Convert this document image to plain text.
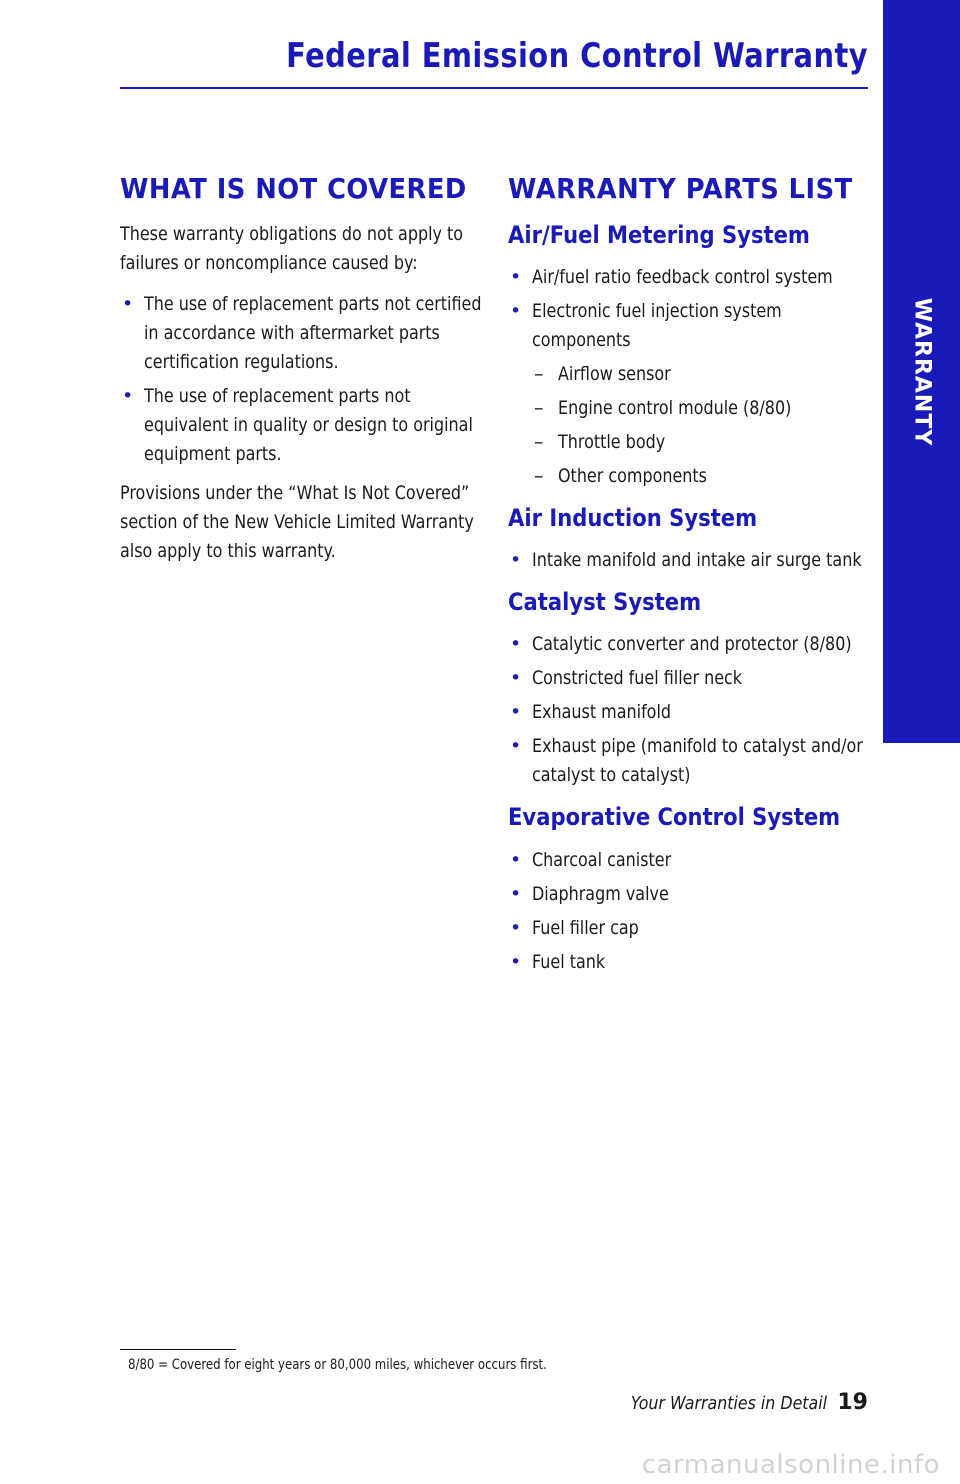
Federal Emission Control Warranty
WARRANTY
WHAT IS NOT COVERED

These warranty obligations do not apply to failures or noncompliance caused by:

• The use of replacement parts not certified in accordance with aftermarket parts certification regulations.
• The use of replacement parts not equivalent in quality or design to original equipment parts.

Provisions under the “What Is Not Covered” section of the New Vehicle Limited Warranty also apply to this warranty.

WARRANTY PARTS LIST
Air/Fuel Metering System
• Air/fuel ratio feedback control system
• Electronic fuel injection system components
– Airflow sensor
– Engine control module (8/80)
– Throttle body
– Other components
Air Induction System
• Intake manifold and intake air surge tank
Catalyst System
• Catalytic converter and protector (8/80)
• Constricted fuel filler neck
• Exhaust manifold
• Exhaust pipe (manifold to catalyst and/or catalyst to catalyst)
Evaporative Control System
• Charcoal canister
• Diaphragm valve
• Fuel filler cap
• Fuel tank
8/80 = Covered for eight years or 80,000 miles, whichever occurs first.
Your Warranties in Detail 19
carmanualsonline.info
